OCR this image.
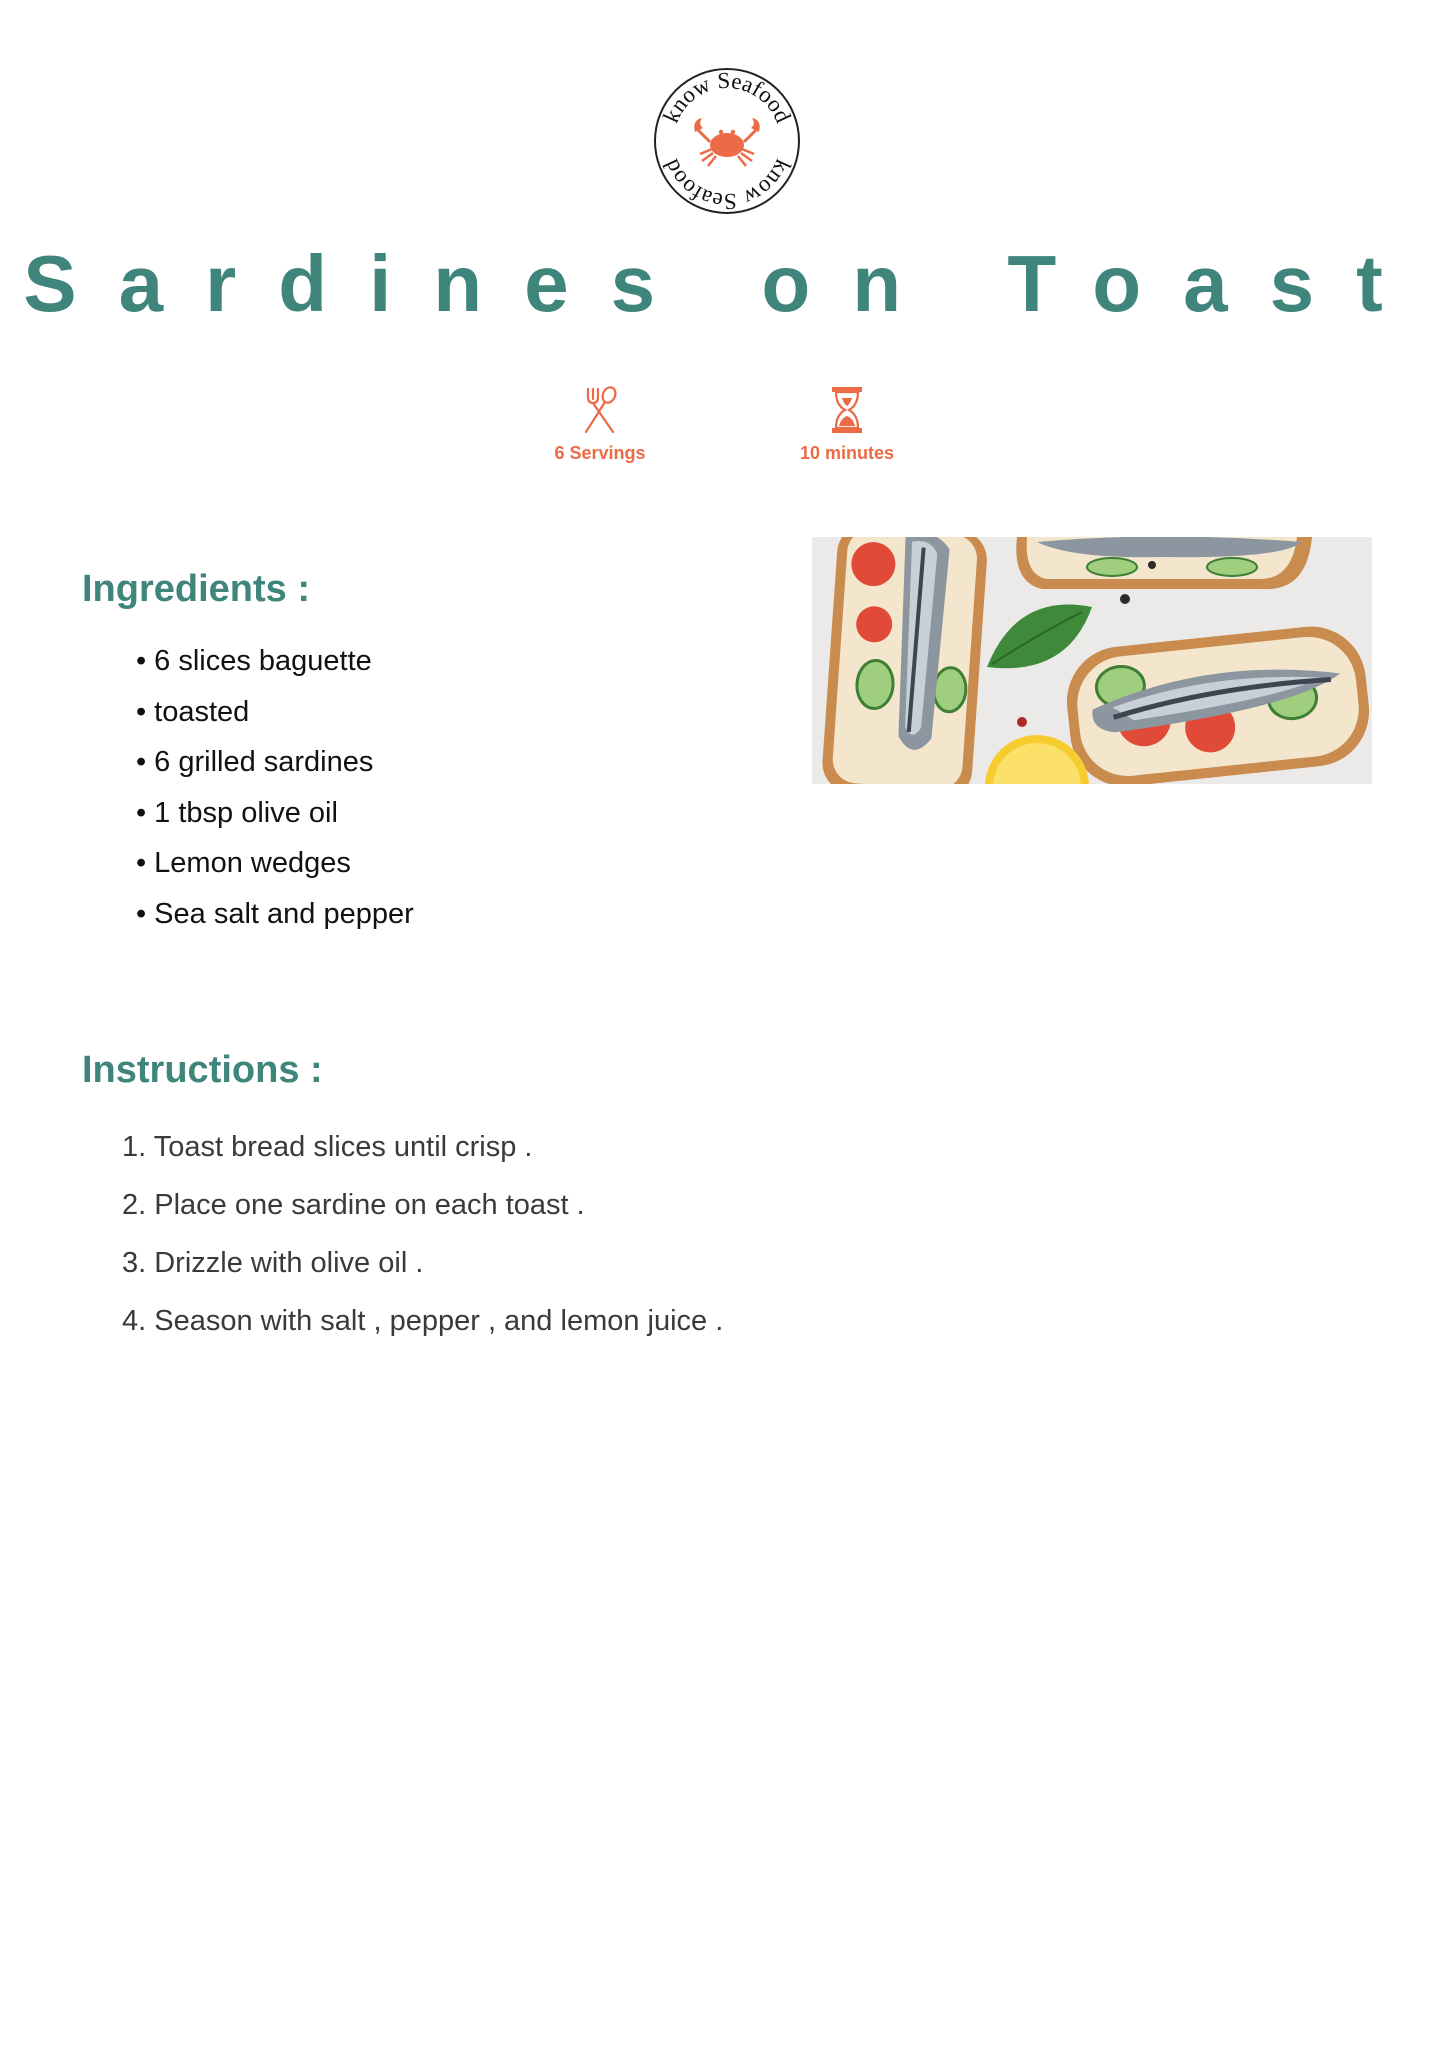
know Seafood
know Seafood
Sardines on Toast
6 Servings	10 minutes
Ingredients :
• 6 slices baguette
• toasted
• 6 grilled sardines
• 1 tbsp olive oil
• Lemon wedges
• Sea salt and pepper
Instructions :
1. Toast bread slices until crisp .
2. Place one sardine on each toast .
3. Drizzle with olive oil .
4. Season with salt , pepper , and lemon juice .
